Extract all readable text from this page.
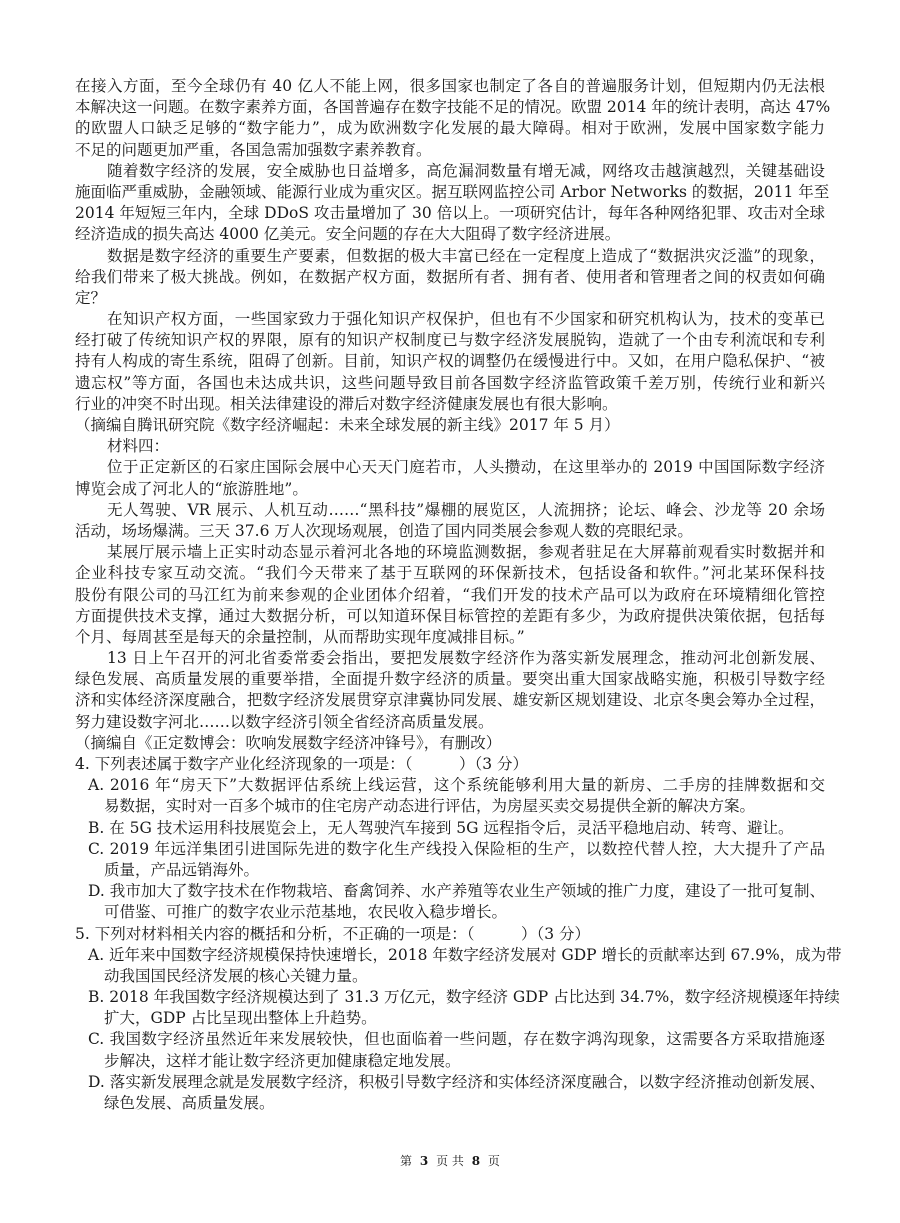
在接入方面，至今全球仍有 40 亿人不能上网，很多国家也制定了各自的普遍服务计划，但短期内仍无法根
本解决这一问题。在数字素养方面，各国普遍存在数字技能不足的情况。欧盟 2014 年的统计表明，高达 47%
的欧盟人口缺乏足够的“数字能力”，成为欧洲数字化发展的最大障碍。相对于欧洲，发展中国家数字能力
不足的问题更加严重，各国急需加强数字素养教育。
随着数字经济的发展，安全威胁也日益增多，高危漏洞数量有增无减，网络攻击越演越烈，关键基础设
施面临严重威胁，金融领域、能源行业成为重灾区。据互联网监控公司 Arbor Networks 的数据，2011 年至
2014 年短短三年内，全球 DDoS 攻击量增加了 30 倍以上。一项研究估计，每年各种网络犯罪、攻击对全球
经济造成的损失高达 4000 亿美元。安全问题的存在大大阻碍了数字经济进展。
数据是数字经济的重要生产要素，但数据的极大丰富已经在一定程度上造成了“数据洪灾泛滥”的现象，
给我们带来了极大挑战。例如，在数据产权方面，数据所有者、拥有者、使用者和管理者之间的权责如何确
定？
在知识产权方面，一些国家致力于强化知识产权保护，但也有不少国家和研究机构认为，技术的变革已
经打破了传统知识产权的界限，原有的知识产权制度已与数字经济发展脱钩，造就了一个由专利流氓和专利
持有人构成的寄生系统，阻碍了创新。目前，知识产权的调整仍在缓慢进行中。又如，在用户隐私保护、“被
遗忘权”等方面，各国也未达成共识，这些问题导致目前各国数字经济监管政策千差万别，传统行业和新兴
行业的冲突不时出现。相关法律建设的滞后对数字经济健康发展也有很大影响。
（摘编自腾讯研究院《数字经济崛起：未来全球发展的新主线》2017 年 5 月）
材料四：
位于正定新区的石家庄国际会展中心天天门庭若市，人头攒动，在这里举办的 2019 中国国际数字经济
博览会成了河北人的“旅游胜地”。
无人驾驶、VR 展示、人机互动……“黑科技”爆棚的展览区，人流拥挤；论坛、峰会、沙龙等 20 余场
活动，场场爆满。三天 37.6 万人次现场观展，创造了国内同类展会参观人数的亮眼纪录。
某展厅展示墙上正实时动态显示着河北各地的环境监测数据，参观者驻足在大屏幕前观看实时数据并和
企业科技专家互动交流。“我们今天带来了基于互联网的环保新技术，包括设备和软件。”河北某环保科技
股份有限公司的马江红为前来参观的企业团体介绍着，“我们开发的技术产品可以为政府在环境精细化管控
方面提供技术支撑，通过大数据分析，可以知道环保目标管控的差距有多少，为政府提供决策依据，包括每
个月、每周甚至是每天的余量控制，从而帮助实现年度减排目标。”
13 日上午召开的河北省委常委会指出，要把发展数字经济作为落实新发展理念，推动河北创新发展、
绿色发展、高质量发展的重要举措，全面提升数字经济的质量。要突出重大国家战略实施，积极引导数字经
济和实体经济深度融合，把数字经济发展贯穿京津冀协同发展、雄安新区规划建设、北京冬奥会筹办全过程，
努力建设数字河北……以数字经济引领全省经济高质量发展。
（摘编自《正定数博会：吹响发展数字经济冲锋号》，有删改）
4. 下列表述属于数字产业化经济现象的一项是：（　　　）（3 分）
A. 2016 年“房天下”大数据评估系统上线运营，这个系统能够利用大量的新房、二手房的挂牌数据和交
易数据，实时对一百多个城市的住宅房产动态进行评估，为房屋买卖交易提供全新的解决方案。
B. 在 5G 技术运用科技展览会上，无人驾驶汽车接到 5G 远程指令后，灵活平稳地启动、转弯、避让。
C. 2019 年远洋集团引进国际先进的数字化生产线投入保险柜的生产，以数控代替人控，大大提升了产品
质量，产品远销海外。
D. 我市加大了数字技术在作物栽培、畜禽饲养、水产养殖等农业生产领域的推广力度，建设了一批可复制、
可借鉴、可推广的数字农业示范基地，农民收入稳步增长。
5. 下列对材料相关内容的概括和分析，不正确的一项是：（　　　）（3 分）
A. 近年来中国数字经济规模保持快速增长，2018 年数字经济发展对 GDP 增长的贡献率达到 67.9%，成为带
动我国国民经济发展的核心关键力量。
B. 2018 年我国数字经济规模达到了 31.3 万亿元，数字经济 GDP 占比达到 34.7%，数字经济规模逐年持续
扩大，GDP 占比呈现出整体上升趋势。
C. 我国数字经济虽然近年来发展较快，但也面临着一些问题，存在数字鸿沟现象，这需要各方采取措施逐
步解决，这样才能让数字经济更加健康稳定地发展。
D. 落实新发展理念就是发展数字经济，积极引导数字经济和实体经济深度融合，以数字经济推动创新发展、
绿色发展、高质量发展。
第 3 页 共 8 页
